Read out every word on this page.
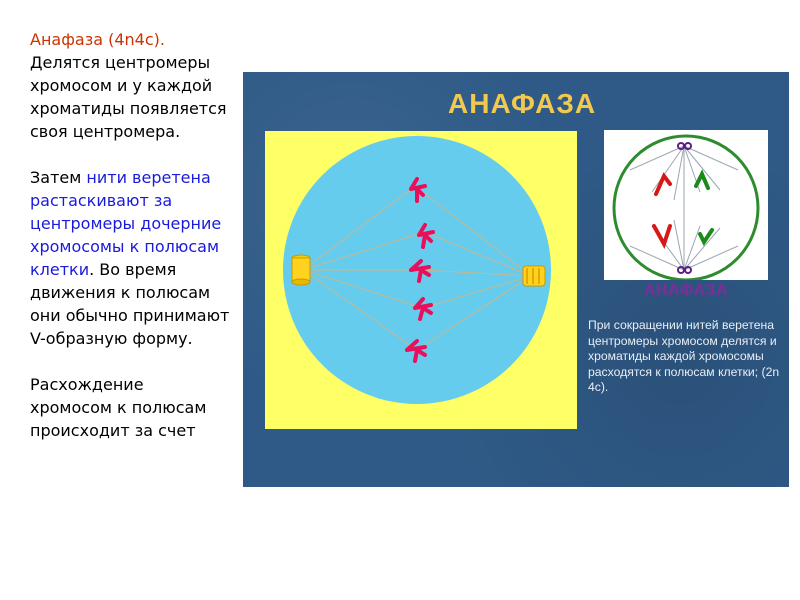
Анафаза (4n4c).

Делятся центромеры хромосом и у каждой хроматиды появляется своя центромера.

Затем нити веретена растаскивают за центромеры дочерние хромосомы к полюсам клетки. Во время движения к полюсам они обычно принимают V-образную форму.

Расхождение хромосом к полюсам происходит за счет

АНАФАЗА
АНАФАЗА
При сокращении нитей веретена центромеры хромосом делятся и хроматиды каждой хромосомы расходятся к полюсам клетки; (2n 4c).
